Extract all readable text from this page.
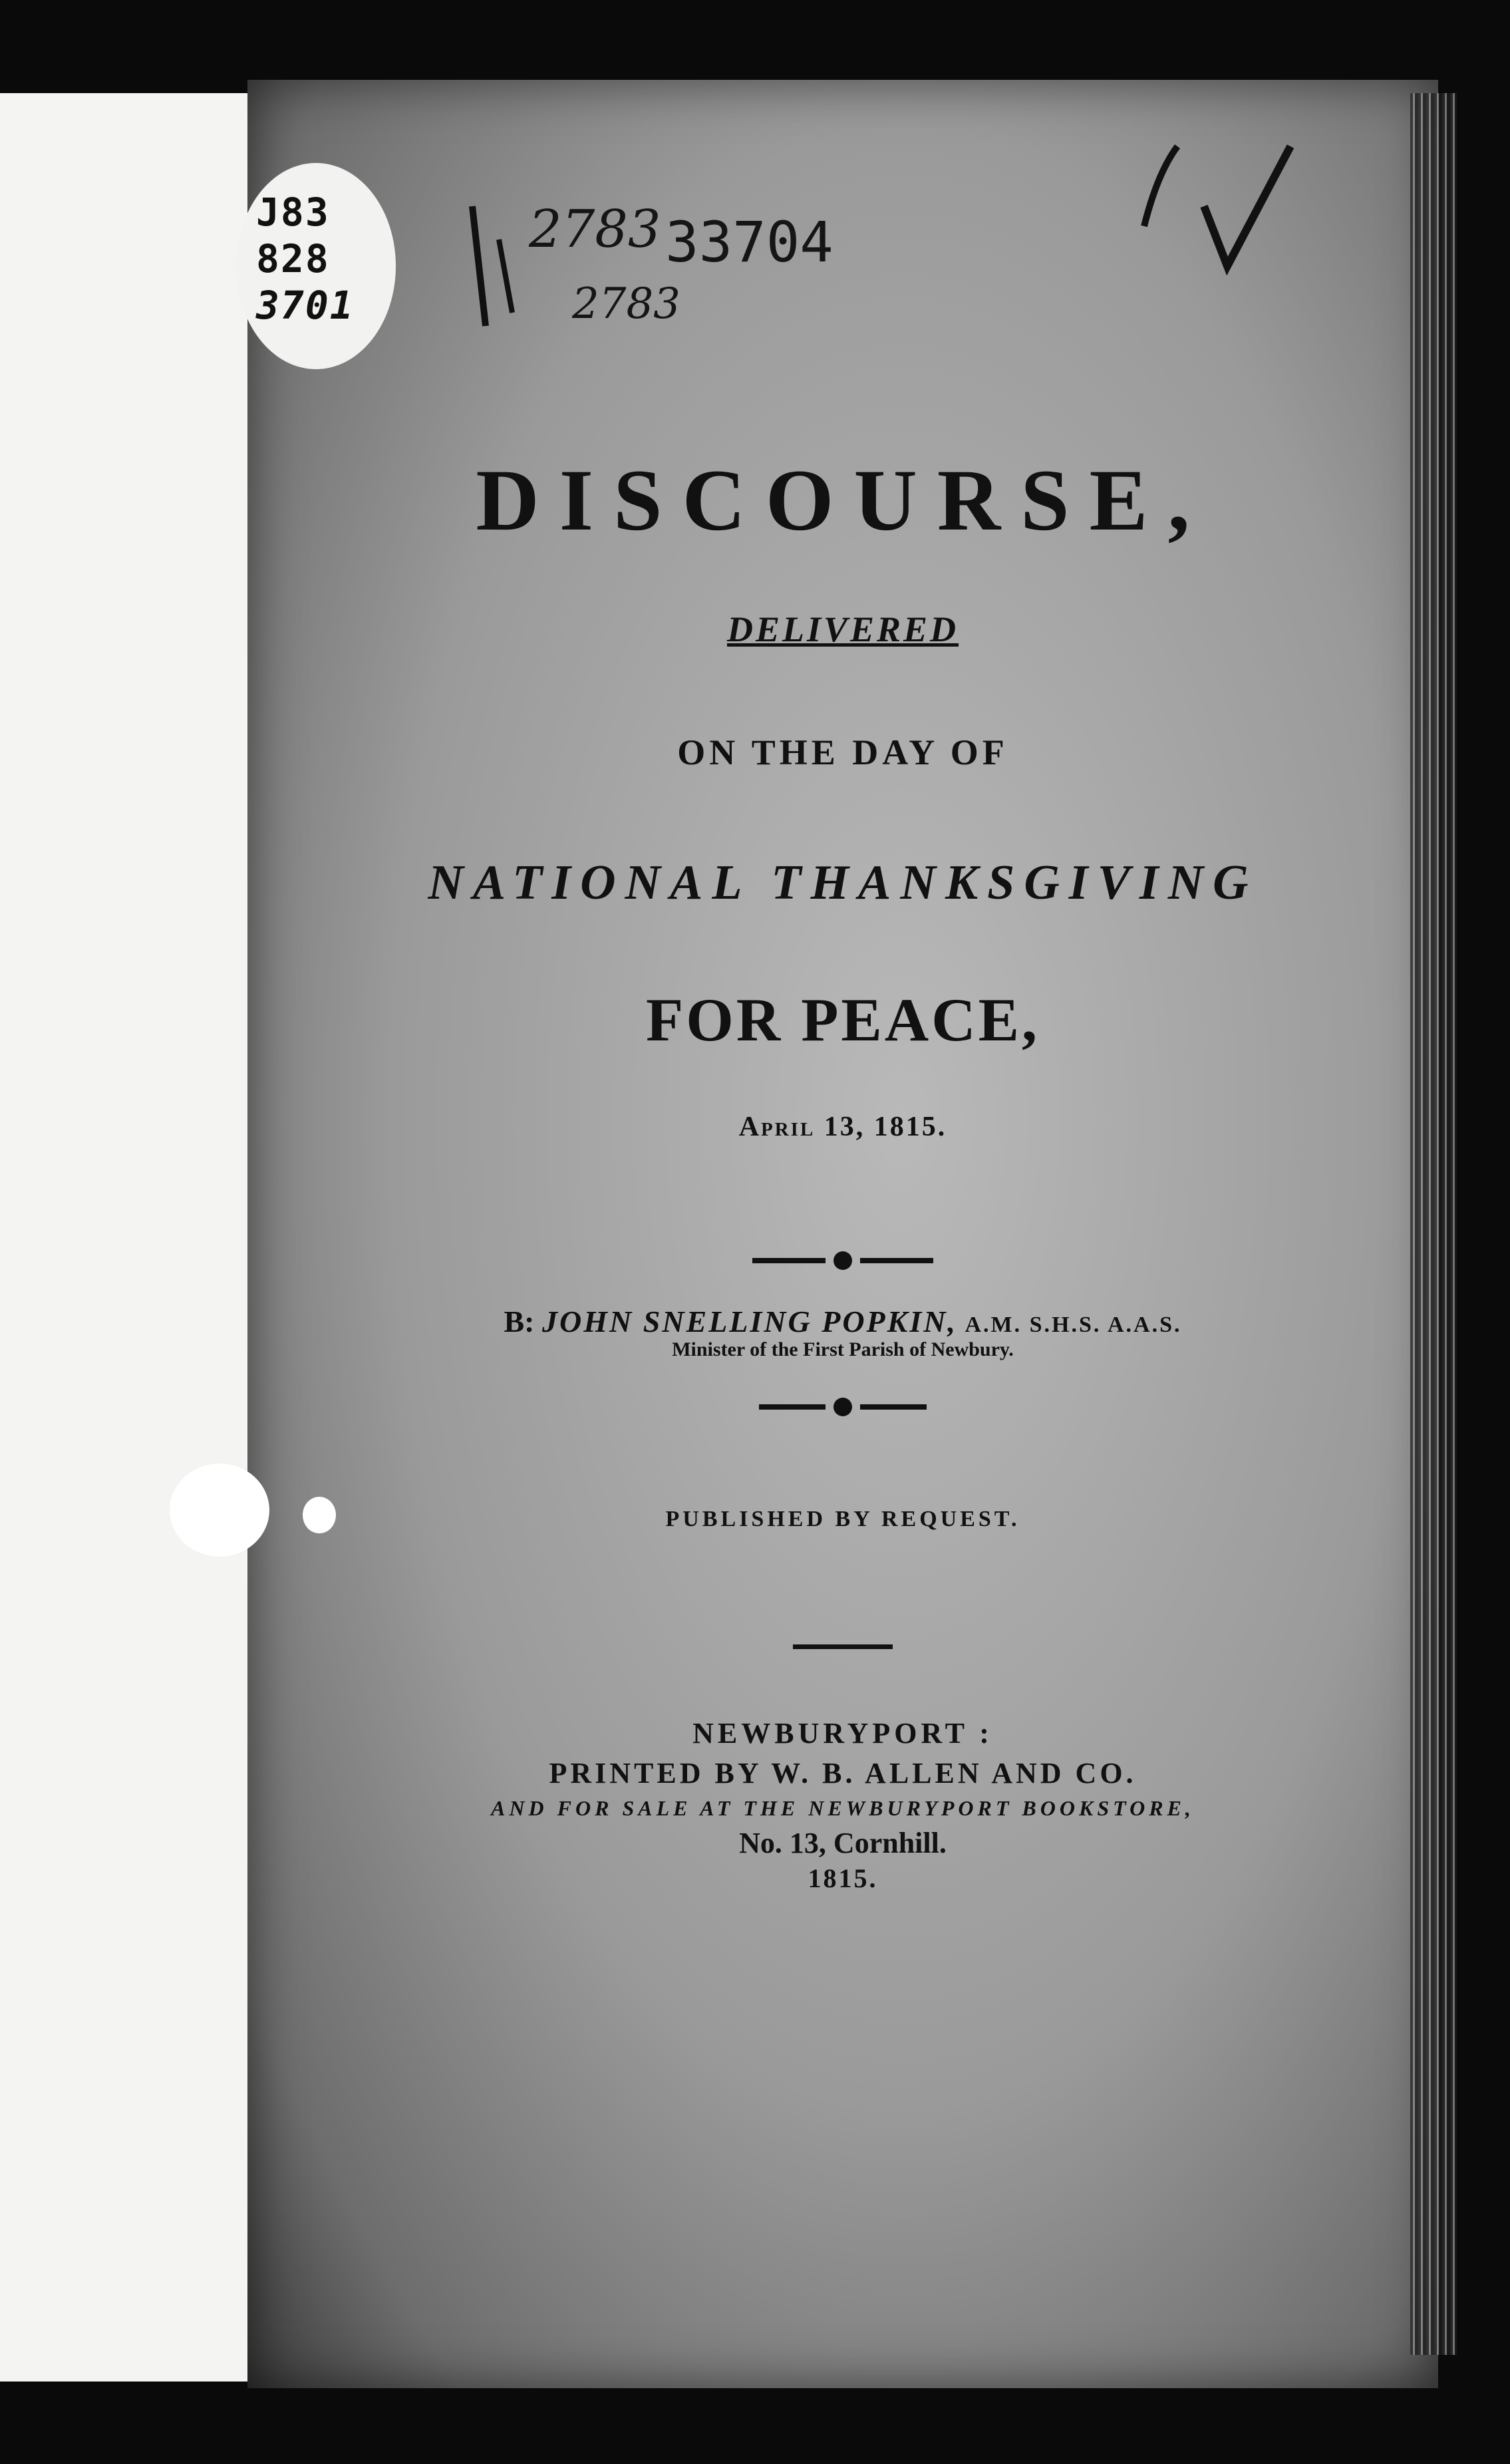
J83
828
3701
2783 33704
2783
DISCOURSE,
DELIVERED
ON THE DAY OF
NATIONAL THANKSGIVING
FOR PEACE,
April 13, 1815.
B: JOHN SNELLING POPKIN, A.M. S.H.S. A.A.S.
Minister of the First Parish of Newbury.
PUBLISHED BY REQUEST.
NEWBURYPORT :
PRINTED BY W. B. ALLEN AND CO.
AND FOR SALE AT THE NEWBURYPORT BOOKSTORE,
No. 13, Cornhill.
1815.
